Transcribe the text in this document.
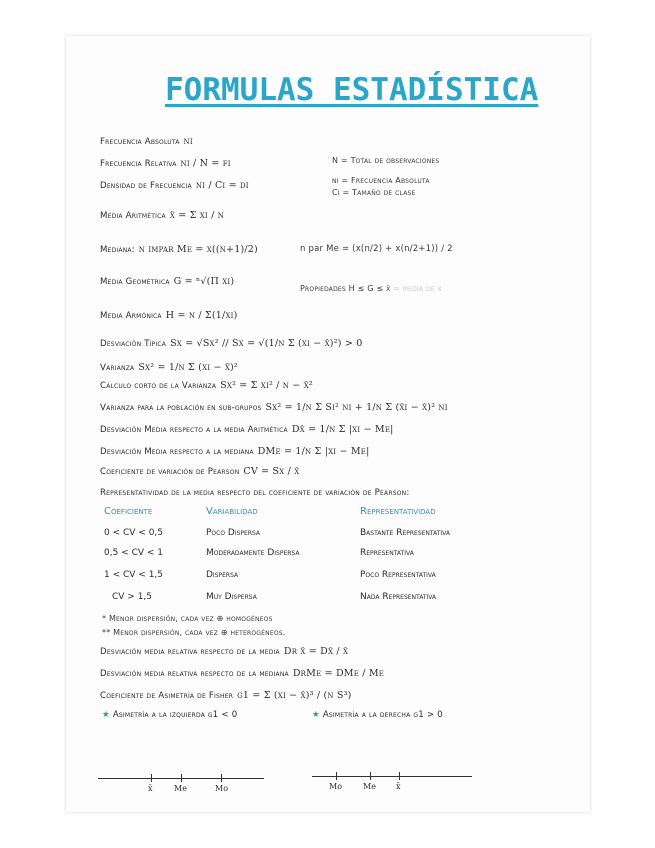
FORMULAS ESTADÍSTICA
Frecuencia Absoluta ni
Frecuencia Relativa ni / N = fi
Densidad de Frecuencia ni / Ci = di
Media Aritmética x̄ = Σ xi / n
Mediana: n impar Me = x((n+1)/2)
Media Geométrica G = ⁿ√(Π xi)
Media Armónica H = n / Σ(1/xi)
Desviación Típica Sx = √Sx² // Sx = √(1/n Σ (xi − x̄)²) > 0
Varianza Sx² = 1/n Σ (xi − x̄)²
Cálculo corto de la Varianza Sx² = Σ xi² / n − x̄²
Varianza para la población en sub-grupos Sx² = 1/n Σ Si² ni + 1/n Σ (x̄i − x̄)² ni
Desviación Media respecto a la media Aritmética Dx̄ = 1/n Σ |xi − Me|
Desviación Media respecto a la mediana DMe = 1/n Σ |xi − Me|
Coeficiente de variación de Pearson CV = Sx / x̄
Representatividad de la media respecto del coeficiente de variación de Pearson:
N = Total de observaciones
ni = Frecuencia Absoluta
Ci = Tamaño de clase
n par Me = (x(n/2) + x(n/2+1)) / 2
Propiedades H ≤ G ≤ x̄ = media de x
Coeficiente	Variabilidad	Representatividad
0 < CV < 0,5	Poco Dispersa	Bastante Representativa
0,5 < CV < 1	Moderadamente Dispersa	Representativa
1 < CV < 1,5	Dispersa	Poco Representativa
CV > 1,5	Muy Dispersa	Nada Representativa
* Menor dispersión, cada vez ⊕ homogéneos
** Menor dispersión, cada vez ⊕ heterogéneos.
Desviación media relativa respecto de la media Dr x̄ = Dx̄ / x̄
Desviación media relativa respecto de la mediana DrMe = DMe / Me
Coeficiente de Asimetría de Fisher g1 = Σ (xi − x̄)³ / (n S³)
★ Asimetría a la izquierda g1 < 0	★ Asimetría a la derecha g1 > 0
x̄	Me	Mo	Mo	Me	x̄
